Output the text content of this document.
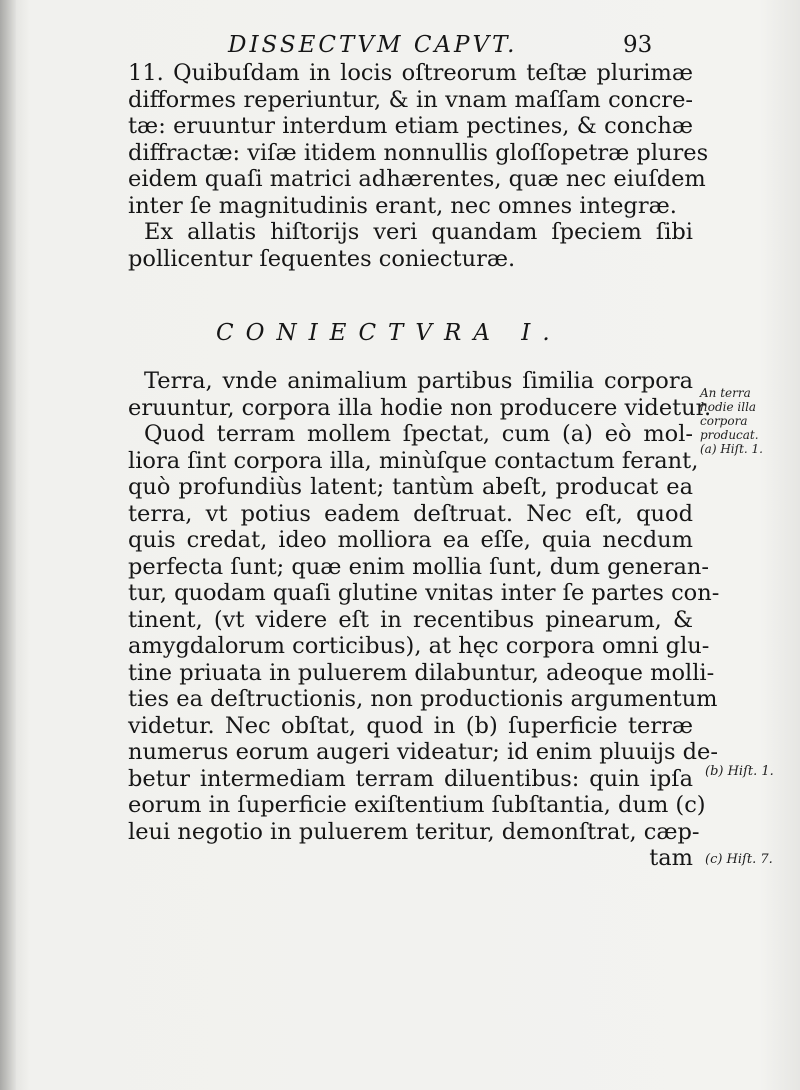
DISSECTVM CAPVT.	93
11. Quibuſdam in locis oſtreorum teſtæ plurimæ
difformes reperiuntur, & in vnam maſſam concre-
tæ: eruuntur interdum etiam pectines, & conchæ
diffractæ: viſæ itidem nonnullis gloſſopetræ plures
eidem quaſi matrici adhærentes, quæ nec eiuſdem
inter ſe magnitudinis erant, nec omnes integræ.
Ex allatis hiſtorijs veri quandam ſpeciem ſibi
pollicentur ſequentes coniecturæ.
CONIECTVRA I.
Terra, vnde animalium partibus ſimilia corpora
eruuntur, corpora illa hodie non producere videtur.
Quod terram mollem ſpectat, cum (a) eò mol-
liora ſint corpora illa, minùſque contactum ferant,
quò profundiùs latent; tantùm abeſt, producat ea
terra, vt potius eadem deſtruat. Nec eſt, quod
quis credat, ideo molliora ea eſſe, quia necdum
perfecta ſunt; quæ enim mollia ſunt, dum generan-
tur, quodam quaſi glutine vnitas inter ſe partes con-
tinent, (vt videre eſt in recentibus pinearum, &
amygdalorum corticibus), at hęc corpora omni glu-
tine priuata in puluerem dilabuntur, adeoque molli-
ties ea deſtructionis, non productionis argumentum
videtur. Nec obſtat, quod in (b) ſuperficie terræ
numerus eorum augeri videatur; id enim pluuijs de-
betur intermediam terram diluentibus: quin ipſa
eorum in ſuperficie exiſtentium ſubſtantia, dum (c)
leui negotio in puluerem teritur, demonſtrat, cæp-
tam
An terra
hodie illa
corpora
producat.
(a) Hiſt. 1.
(b) Hiſt. 1.
(c) Hiſt. 7.
